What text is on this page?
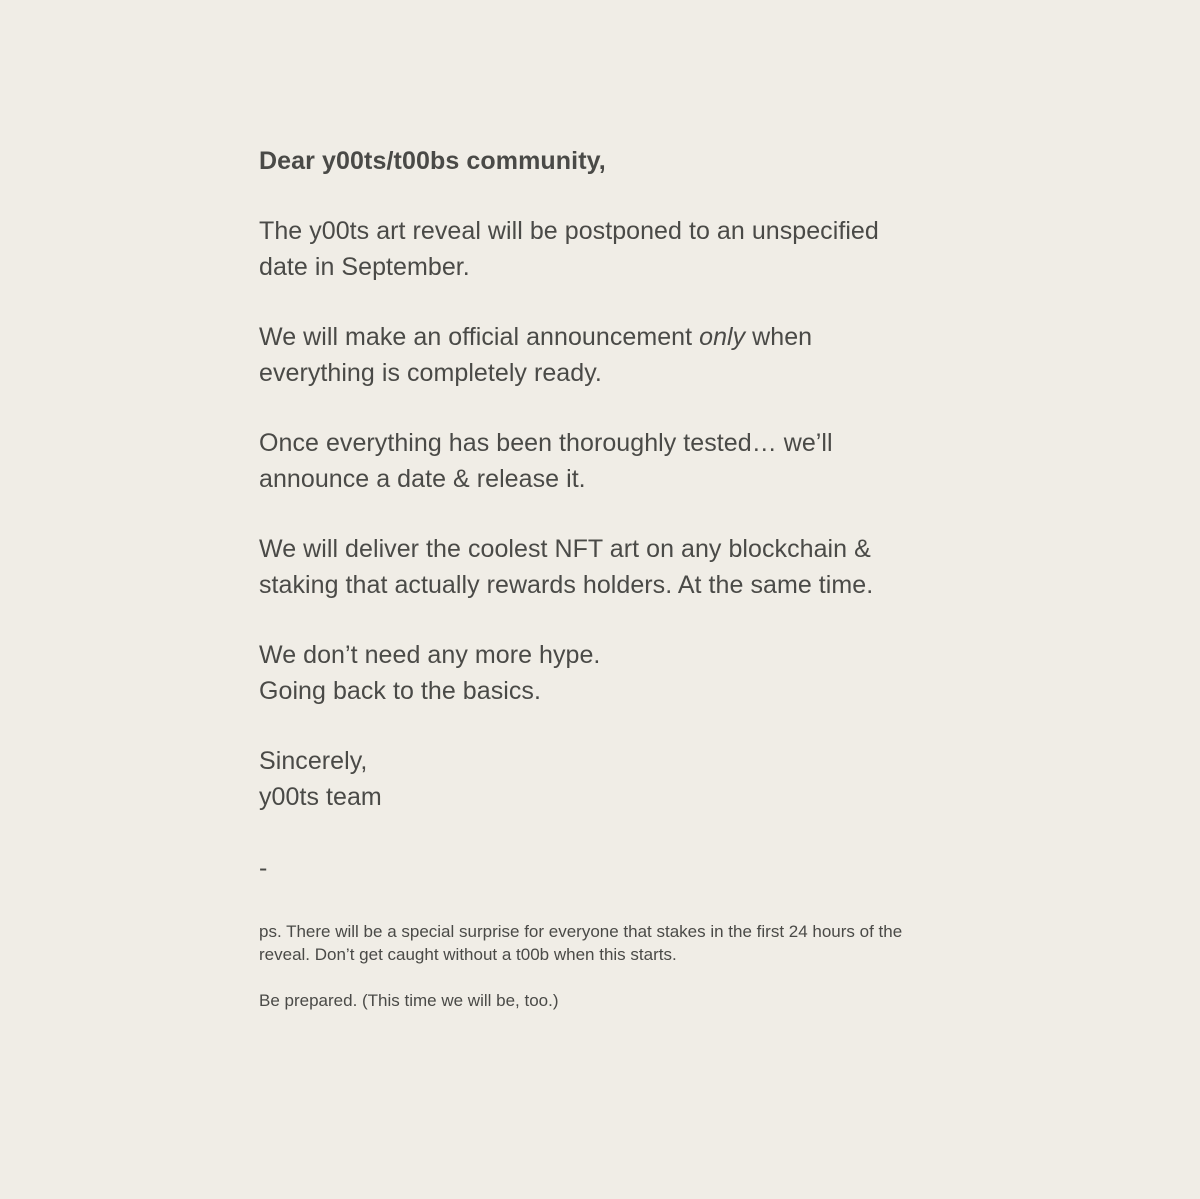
Dear y00ts/t00bs community,

The y00ts art reveal will be postponed to an unspecified
date in September.

We will make an official announcement only when
everything is completely ready.

Once everything has been thoroughly tested… we’ll
announce a date & release it.

We will deliver the coolest NFT art on any blockchain &
staking that actually rewards holders. At the same time.

We don’t need any more hype.
Going back to the basics.

Sincerely,
y00ts team

-

ps. There will be a special surprise for everyone that stakes in the first 24 hours of the
reveal. Don’t get caught without a t00b when this starts.

Be prepared. (This time we will be, too.)
